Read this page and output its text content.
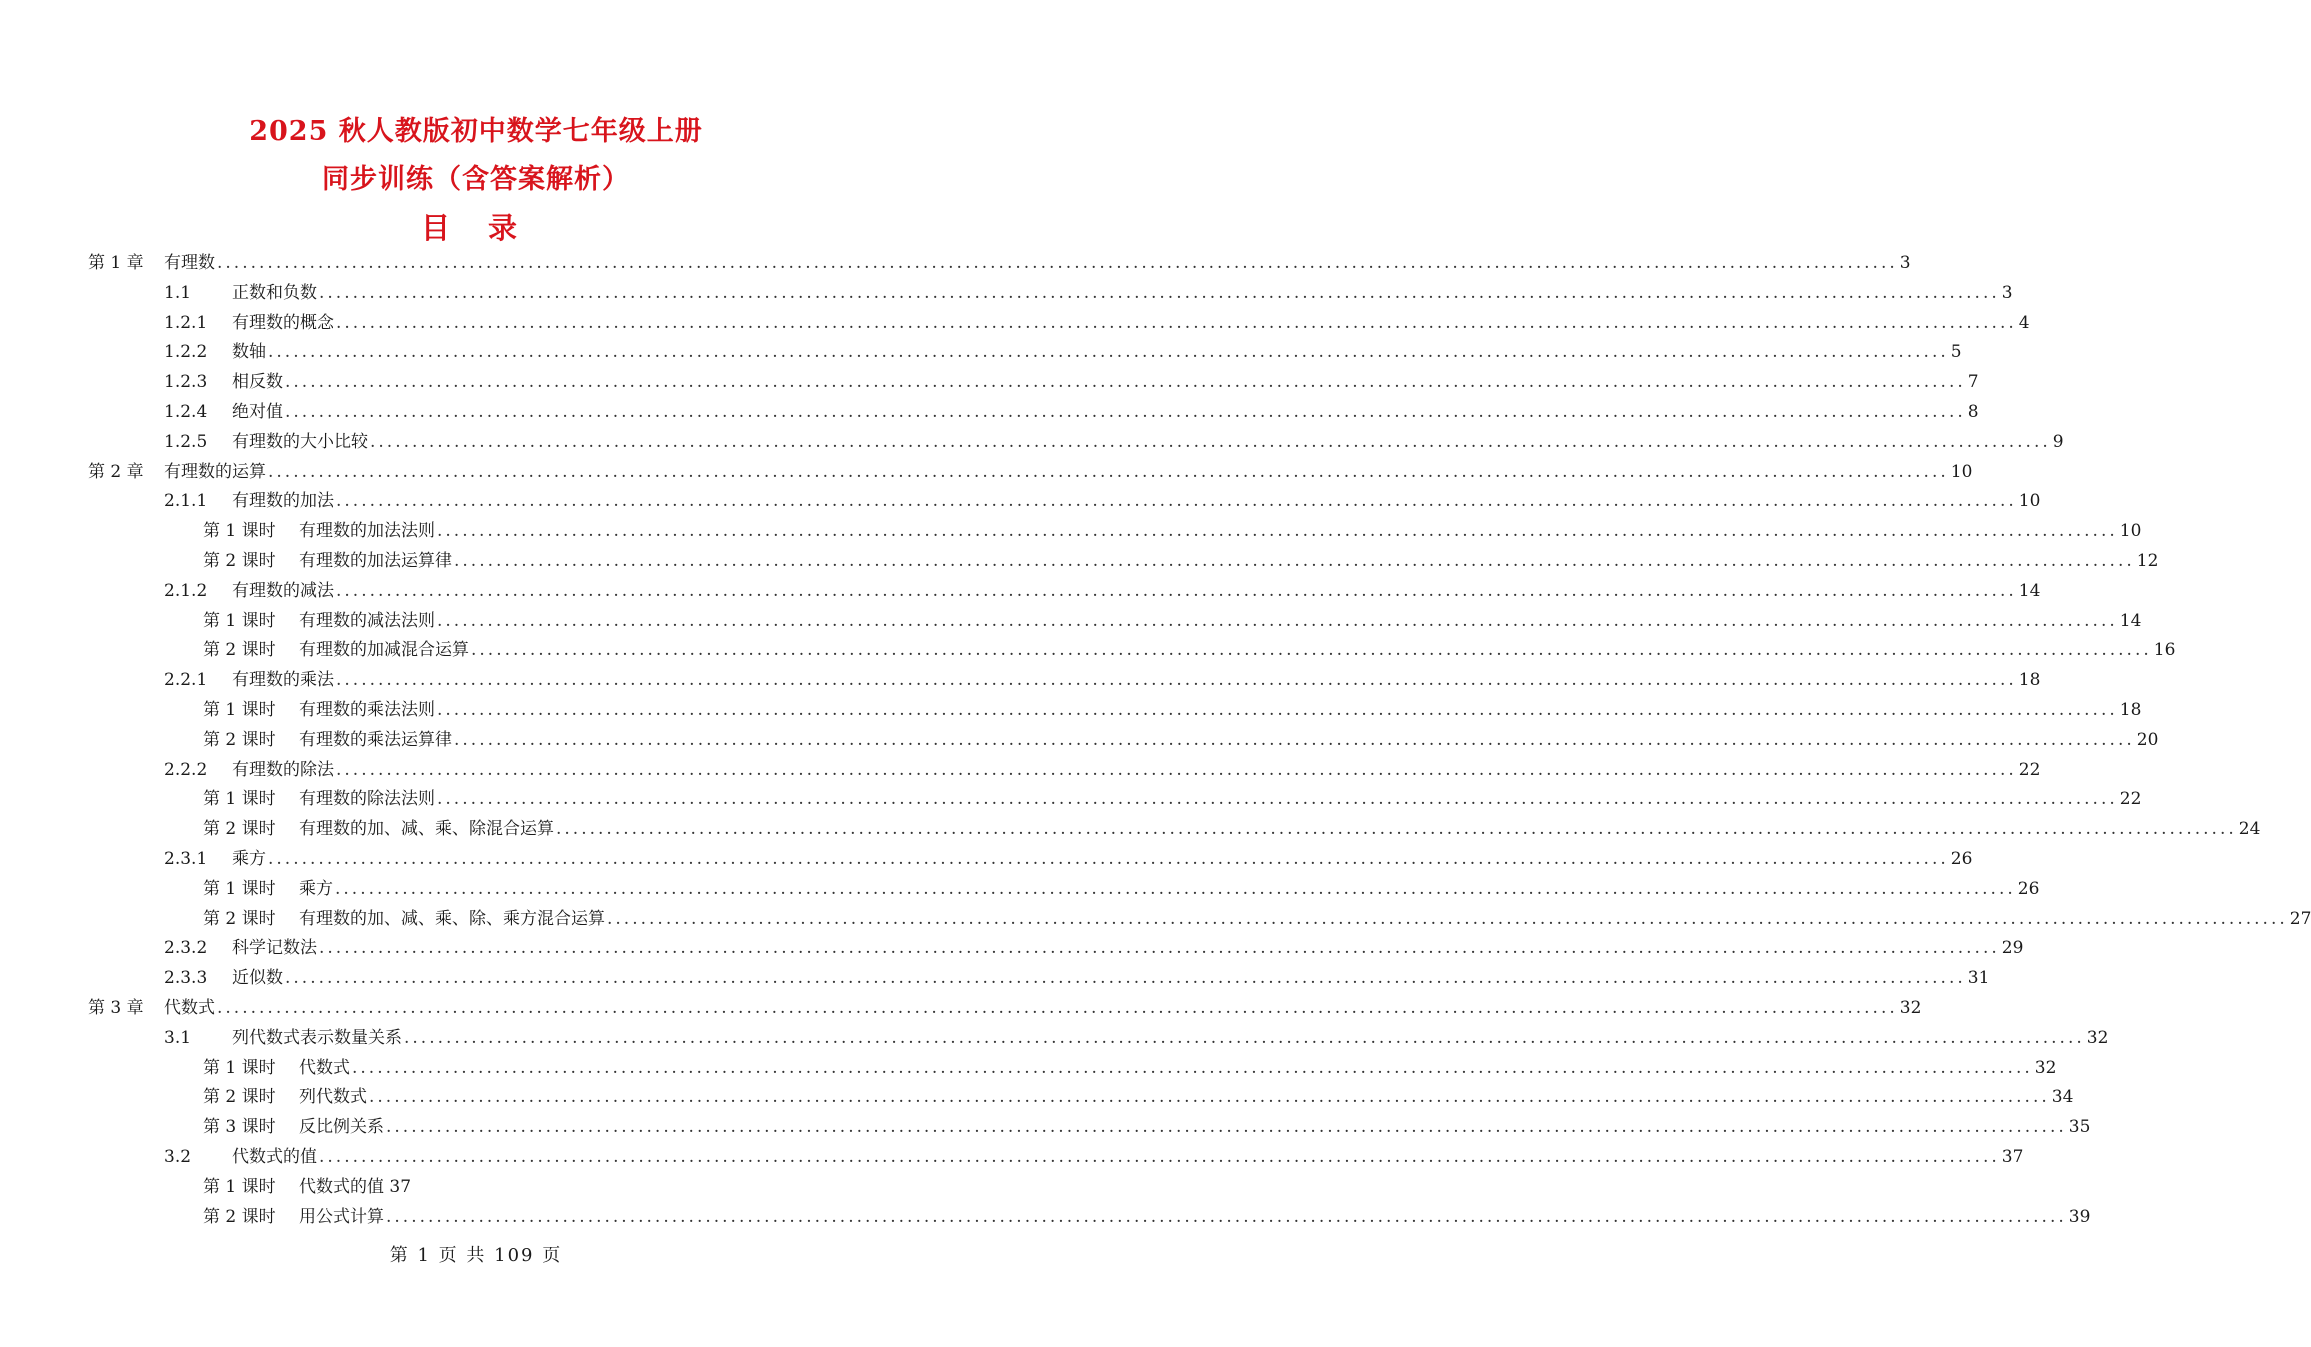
2025 秋人教版初中数学七年级上册
同步训练（含答案解析）
目 录
第 1 章 有理数 ........................................................................................................................................................................................................ 3
1.1 正数和负数 ........................................................................................................................................................................................................ 3
1.2.1 有理数的概念 ........................................................................................................................................................................................................ 4
1.2.2 数轴 ........................................................................................................................................................................................................ 5
1.2.3 相反数 ........................................................................................................................................................................................................ 7
1.2.4 绝对值 ........................................................................................................................................................................................................ 8
1.2.5 有理数的大小比较 ........................................................................................................................................................................................................ 9
第 2 章 有理数的运算 ........................................................................................................................................................................................................ 10
2.1.1 有理数的加法 ........................................................................................................................................................................................................ 10
第 1 课时 有理数的加法法则 ........................................................................................................................................................................................................ 10
第 2 课时 有理数的加法运算律 ........................................................................................................................................................................................................ 12
2.1.2 有理数的减法 ........................................................................................................................................................................................................ 14
第 1 课时 有理数的减法法则 ........................................................................................................................................................................................................ 14
第 2 课时 有理数的加减混合运算 ........................................................................................................................................................................................................ 16
2.2.1 有理数的乘法 ........................................................................................................................................................................................................ 18
第 1 课时 有理数的乘法法则 ........................................................................................................................................................................................................ 18
第 2 课时 有理数的乘法运算律 ........................................................................................................................................................................................................ 20
2.2.2 有理数的除法 ........................................................................................................................................................................................................ 22
第 1 课时 有理数的除法法则 ........................................................................................................................................................................................................ 22
第 2 课时 有理数的加、减、乘、除混合运算 ........................................................................................................................................................................................................ 24
2.3.1 乘方 ........................................................................................................................................................................................................ 26
第 1 课时 乘方 ........................................................................................................................................................................................................ 26
第 2 课时 有理数的加、减、乘、除、乘方混合运算 ........................................................................................................................................................................................................ 27
2.3.2 科学记数法 ........................................................................................................................................................................................................ 29
2.3.3 近似数 ........................................................................................................................................................................................................ 31
第 3 章 代数式 ........................................................................................................................................................................................................ 32
3.1 列代数式表示数量关系 ........................................................................................................................................................................................................ 32
第 1 课时 代数式 ........................................................................................................................................................................................................ 32
第 2 课时 列代数式 ........................................................................................................................................................................................................ 34
第 3 课时 反比例关系 ........................................................................................................................................................................................................ 35
3.2 代数式的值 ........................................................................................................................................................................................................ 37
第 1 课时 代数式的值 37
第 2 课时 用公式计算 ........................................................................................................................................................................................................ 39
第 1 页 共 109 页
